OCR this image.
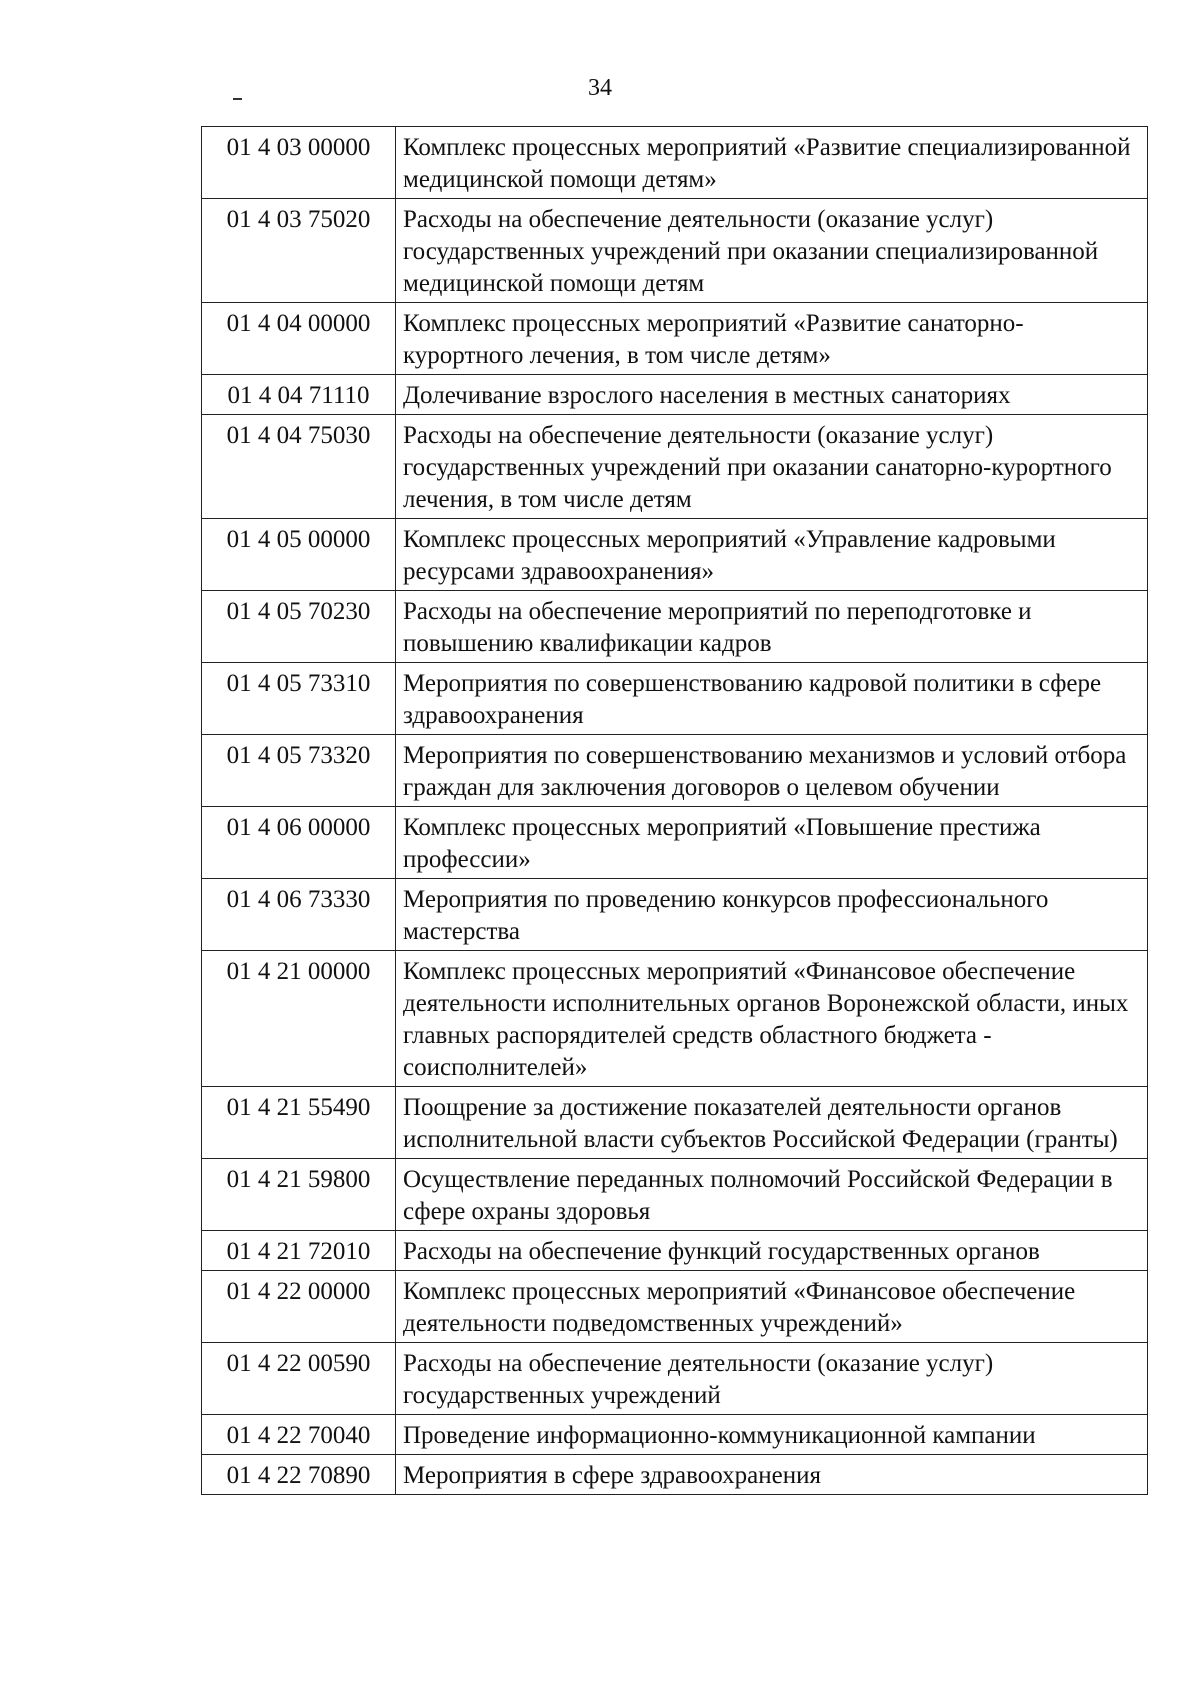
34
01 4 03 00000	Комплекс процессных мероприятий «Развитие специализированной медицинской помощи детям»
01 4 03 75020	Расходы на обеспечение деятельности (оказание услуг) государственных учреждений при оказании специализированной медицинской помощи детям
01 4 04 00000	Комплекс процессных мероприятий «Развитие санаторно-курортного лечения, в том числе детям»
01 4 04 71110	Долечивание взрослого населения в местных санаториях
01 4 04 75030	Расходы на обеспечение деятельности (оказание услуг) государственных учреждений при оказании санаторно-курортного лечения, в том числе детям
01 4 05 00000	Комплекс процессных мероприятий «Управление кадровыми ресурсами здравоохранения»
01 4 05 70230	Расходы на обеспечение мероприятий по переподготовке и повышению квалификации кадров
01 4 05 73310	Мероприятия по совершенствованию кадровой политики в сфере здравоохранения
01 4 05 73320	Мероприятия по совершенствованию механизмов и условий отбора граждан для заключения договоров о целевом обучении
01 4 06 00000	Комплекс процессных мероприятий «Повышение престижа профессии»
01 4 06 73330	Мероприятия по проведению конкурсов профессионального мастерства
01 4 21 00000	Комплекс процессных мероприятий «Финансовое обеспечение деятельности исполнительных органов Воронежской области, иных главных распорядителей средств областного бюджета - соисполнителей»
01 4 21 55490	Поощрение за достижение показателей деятельности органов исполнительной власти субъектов Российской Федерации (гранты)
01 4 21 59800	Осуществление переданных полномочий Российской Федерации в сфере охраны здоровья
01 4 21 72010	Расходы на обеспечение функций государственных органов
01 4 22 00000	Комплекс процессных мероприятий «Финансовое обеспечение деятельности подведомственных учреждений»
01 4 22 00590	Расходы на обеспечение деятельности (оказание услуг) государственных учреждений
01 4 22 70040	Проведение информационно-коммуникационной кампании
01 4 22 70890	Мероприятия в сфере здравоохранения
